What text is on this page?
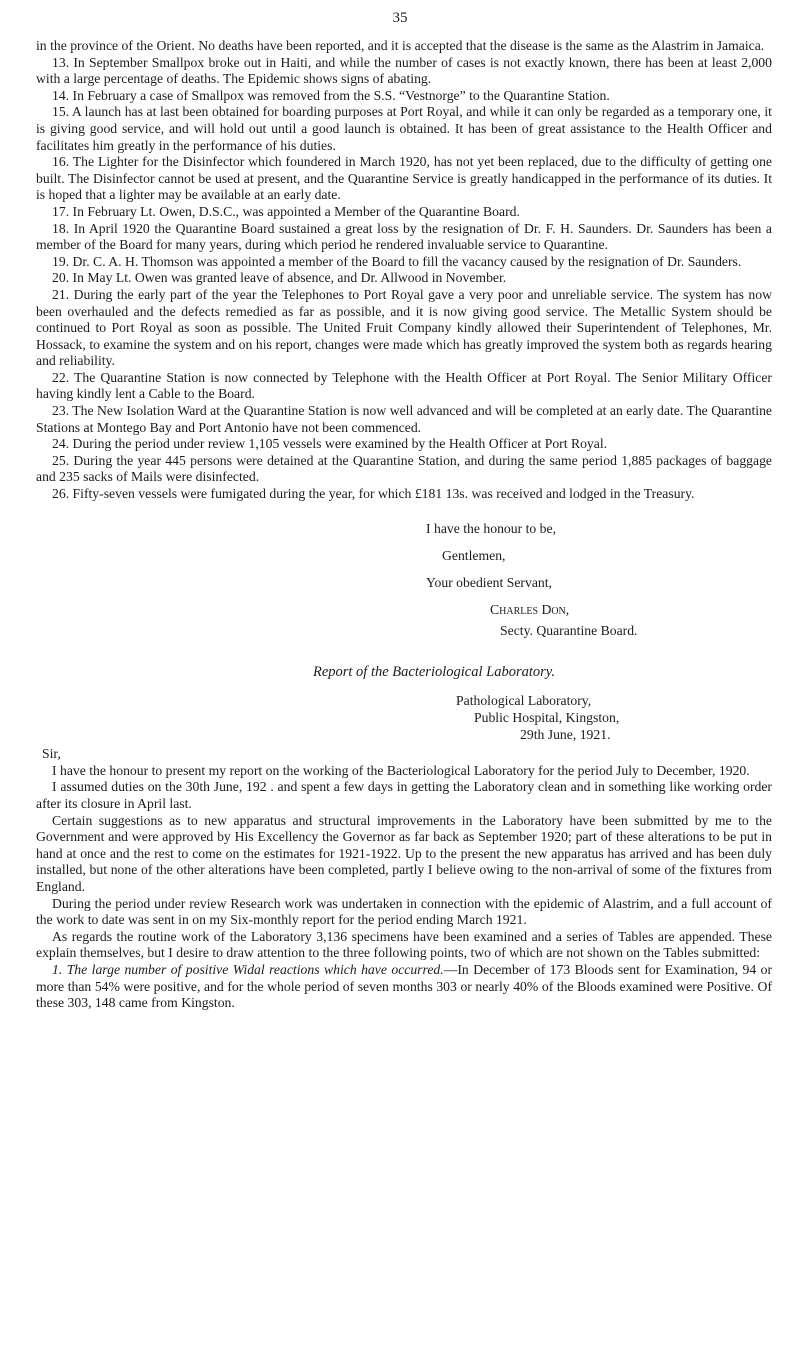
35

in the province of the Orient. No deaths have been reported, and it is accepted that the disease is the same as the Alastrim in Jamaica.

13. In September Smallpox broke out in Haiti, and while the number of cases is not exactly known, there has been at least 2,000 with a large percentage of deaths. The Epidemic shows signs of abating.

14. In February a case of Smallpox was removed from the S.S. “Vestnorge” to the Quarantine Station.

15. A launch has at last been obtained for boarding purposes at Port Royal, and while it can only be regarded as a temporary one, it is giving good service, and will hold out until a good launch is obtained. It has been of great assistance to the Health Officer and facilitates him greatly in the performance of his duties.

16. The Lighter for the Disinfector which foundered in March 1920, has not yet been replaced, due to the difficulty of getting one built. The Disinfector cannot be used at present, and the Quarantine Service is greatly handicapped in the performance of its duties. It is hoped that a lighter may be available at an early date.

17. In February Lt. Owen, D.S.C., was appointed a Member of the Quarantine Board.

18. In April 1920 the Quarantine Board sustained a great loss by the resignation of Dr. F. H. Saunders. Dr. Saunders has been a member of the Board for many years, during which period he rendered invaluable service to Quarantine.

19. Dr. C. A. H. Thomson was appointed a member of the Board to fill the vacancy caused by the resignation of Dr. Saunders.

20. In May Lt. Owen was granted leave of absence, and Dr. Allwood in November.

21. During the early part of the year the Telephones to Port Royal gave a very poor and unreliable service. The system has now been overhauled and the defects remedied as far as possible, and it is now giving good service. The Metallic System should be continued to Port Royal as soon as possible. The United Fruit Company kindly allowed their Superintendent of Telephones, Mr. Hossack, to examine the system and on his report, changes were made which has greatly improved the system both as regards hearing and reliability.

22. The Quarantine Station is now connected by Telephone with the Health Officer at Port Royal. The Senior Military Officer having kindly lent a Cable to the Board.

23. The New Isolation Ward at the Quarantine Station is now well advanced and will be completed at an early date. The Quarantine Stations at Montego Bay and Port Antonio have not been commenced.

24. During the period under review 1,105 vessels were examined by the Health Officer at Port Royal.

25. During the year 445 persons were detained at the Quarantine Station, and during the same period 1,885 packages of baggage and 235 sacks of Mails were disinfected.

26. Fifty-seven vessels were fumigated during the year, for which £181 13s. was received and lodged in the Treasury.

I have the honour to be,
Gentlemen,
Your obedient Servant,
Charles Don,
Secty. Quarantine Board.
Report of the Bacteriological Laboratory.
Pathological Laboratory,
Public Hospital, Kingston,
29th June, 1921.
Sir,

I have the honour to present my report on the working of the Bacteriological Laboratory for the period July to December, 1920.

I assumed duties on the 30th June, 192 . and spent a few days in getting the Laboratory clean and in something like working order after its closure in April last.

Certain suggestions as to new apparatus and structural improvements in the Laboratory have been submitted by me to the Government and were approved by His Excellency the Governor as far back as September 1920; part of these alterations to be put in hand at once and the rest to come on the estimates for 1921-1922. Up to the present the new apparatus has arrived and has been duly installed, but none of the other alterations have been completed, partly I believe owing to the non-arrival of some of the fixtures from England.

During the period under review Research work was undertaken in connection with the epidemic of Alastrim, and a full account of the work to date was sent in on my Six-monthly report for the period ending March 1921.

As regards the routine work of the Laboratory 3,136 specimens have been examined and a series of Tables are appended. These explain themselves, but I desire to draw attention to the three following points, two of which are not shown on the Tables submitted:

1. The large number of positive Widal reactions which have occurred.—In December of 173 Bloods sent for Examination, 94 or more than 54% were positive, and for the whole period of seven months 303 or nearly 40% of the Bloods examined were Positive. Of these 303, 148 came from Kingston.
